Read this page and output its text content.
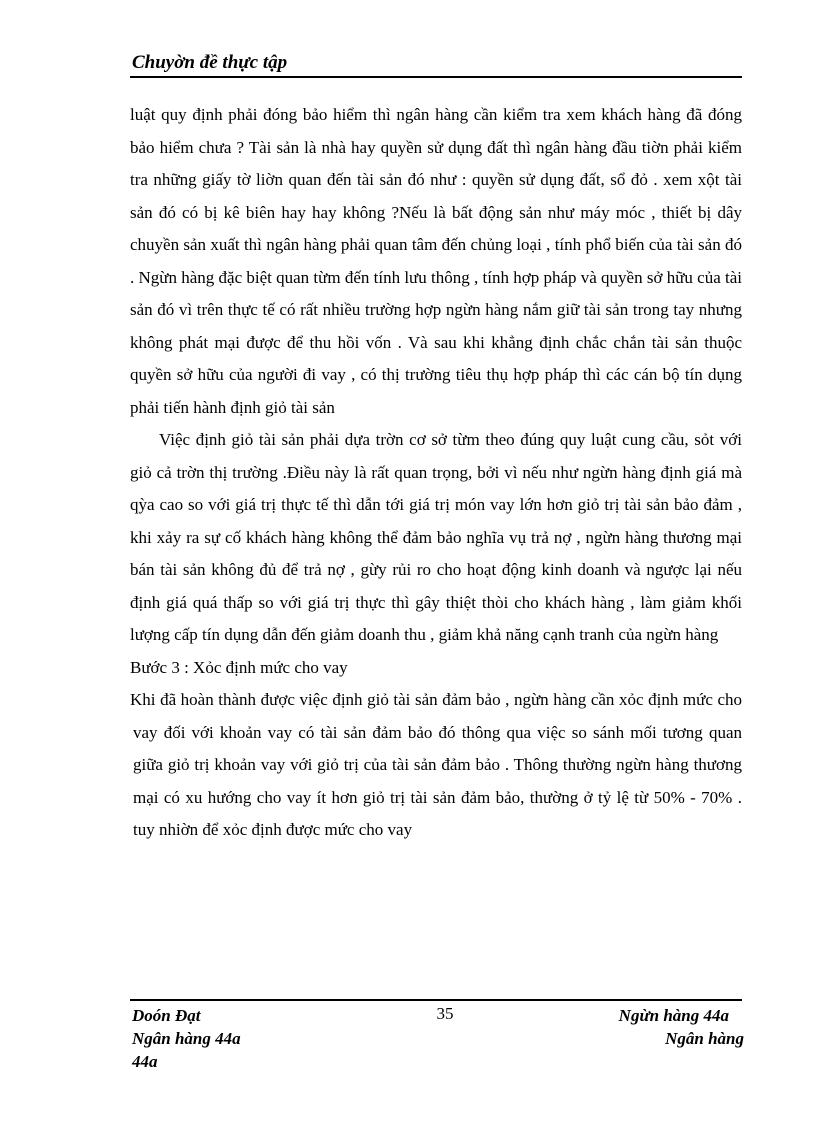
Chuyờn đề thực tập

luật quy định phải đóng bảo hiểm thì ngân hàng cần kiểm tra xem khách hàng đã đóng bảo hiểm chưa ? Tài sản là nhà hay quyền sử dụng đất thì ngân hàng đầu tiờn phải kiểm tra những giấy tờ liờn quan đến tài sản đó như : quyền sử dụng đất, sổ đỏ . xem xột tài sản đó có bị kê biên hay hay không ?Nếu là bất động sản như máy móc , thiết bị dây chuyền sản xuất thì ngân hàng phải quan tâm đến chủng loại , tính phổ biến của tài sản đó . Ngừn hàng đặc biệt quan từm đến tính lưu thông , tính hợp pháp và quyền sở hữu của tài sản đó vì trên thực tế có rất nhiều trường hợp ngừn hàng nắm giữ tài sản trong tay nhưng không phát mại được để thu hồi vốn . Và sau khi khẳng định chắc chắn tài sản thuộc quyền sở hữu của người đi vay , có thị trường tiêu thụ hợp pháp thì các cán bộ tín dụng phải tiến hành định giỏ tài sản

Việc định giỏ tài sản phải dựa trờn cơ sở từm theo đúng quy luật cung cầu, sỏt với giỏ cả trờn thị trường .Điều này là rất quan trọng, bởi vì nếu như ngừn hàng định giá mà qỳa cao so với giá trị thực tế thì dẫn tới giá trị món vay lớn hơn giỏ trị tài sản bảo đảm , khi xảy ra sự cố khách hàng không thể đảm bảo nghĩa vụ trả nợ , ngừn hàng thương mại bán tài sản không đủ để trả nợ , gừy rủi ro cho hoạt động kinh doanh và ngược lại nếu định giá quá thấp so với giá trị thực thì gây thiệt thòi cho khách hàng , làm giảm khối lượng cấp tín dụng dẫn đến giảm doanh thu , giảm khả năng cạnh tranh của ngừn hàng

Bước 3 : Xỏc định mức cho vay

Khi đã hoàn thành được việc định giỏ tài sản đảm bảo , ngừn hàng cần xỏc định mức cho vay đối với khoản vay có tài sản đảm bảo đó thông qua việc so sánh mối tương quan giữa giỏ trị khoản vay với giỏ trị của tài sản đảm bảo . Thông thường ngừn hàng thương mại có xu hướng cho vay ít hơn giỏ trị tài sản đảm bảo, thường ở tỷ lệ từ 50% - 70% . tuy nhiờn để xỏc định được mức cho vay

Doón Đạt
Ngân hàng 44a
44a
35	Ngừn hàng 44a
Ngân hàng
